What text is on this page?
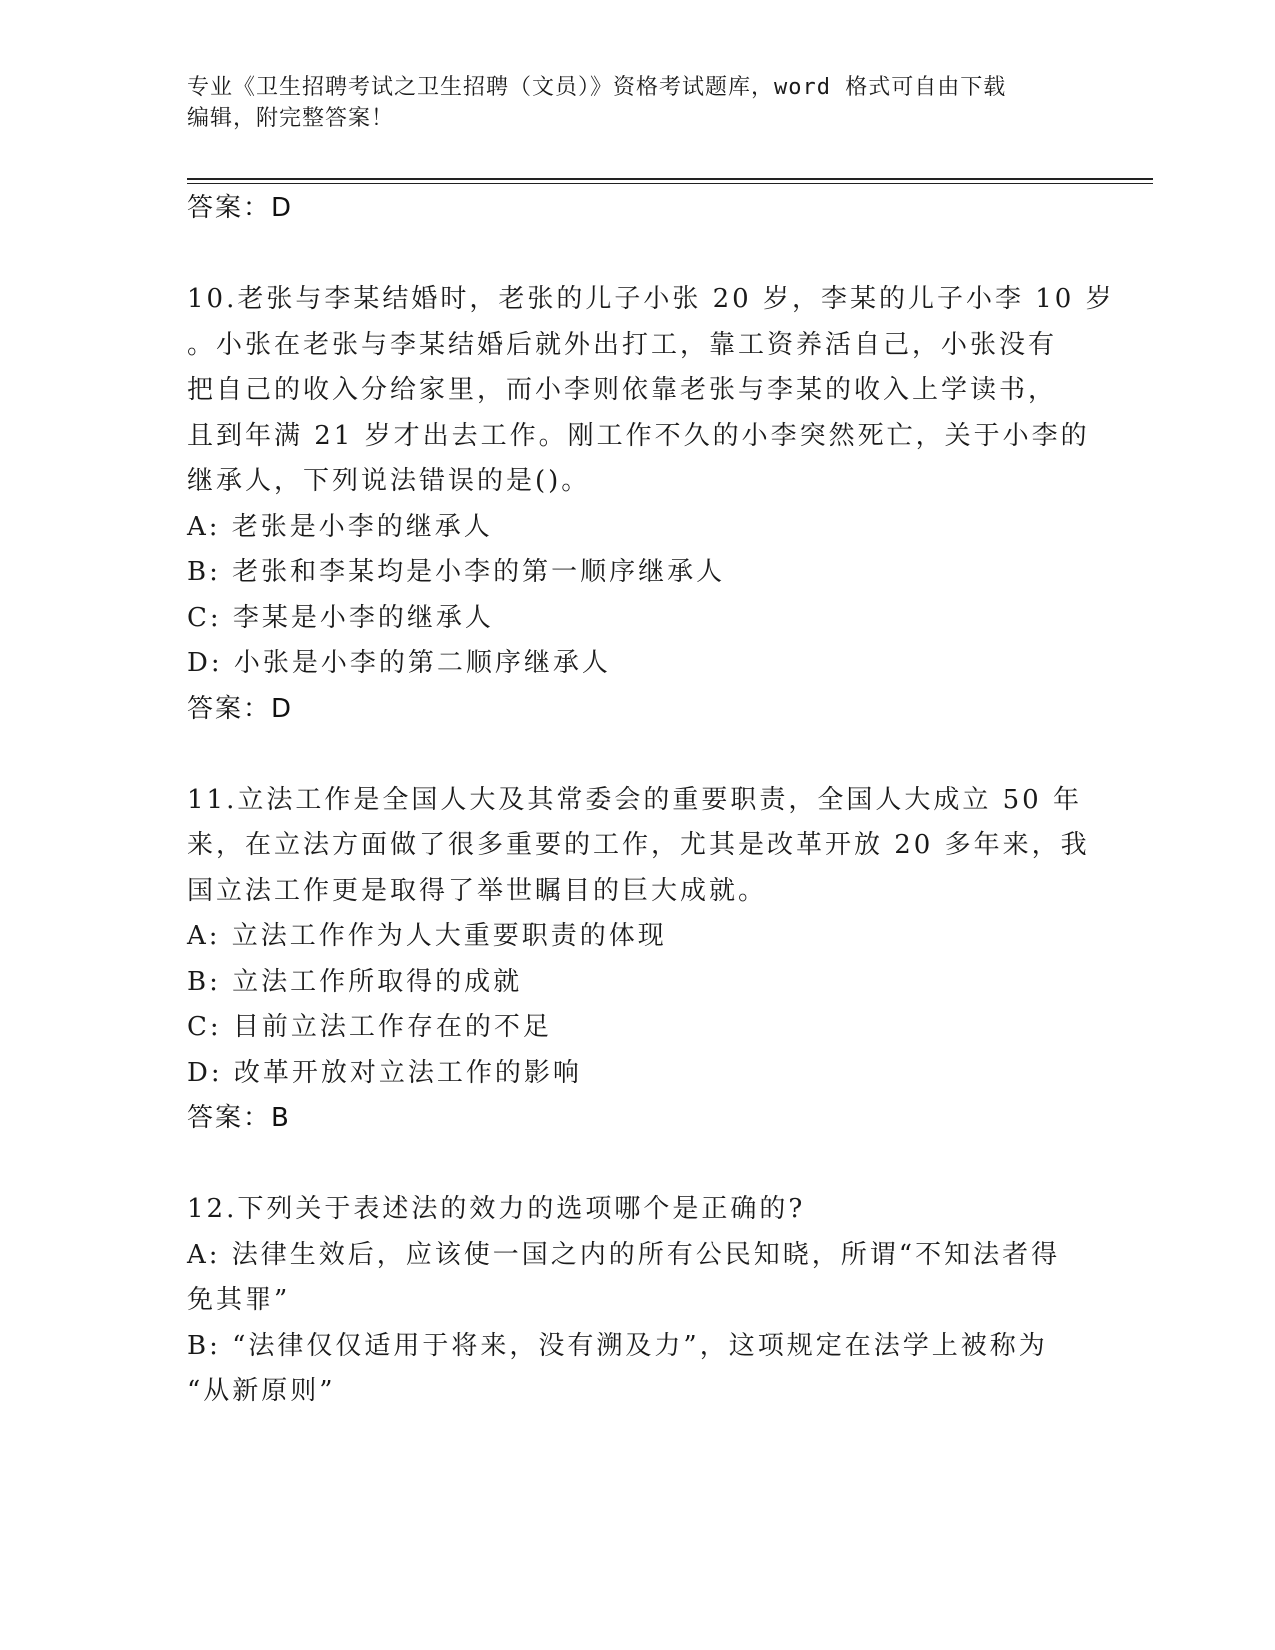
专业《卫生招聘考试之卫生招聘（文员）》资格考试题库，word 格式可自由下载
编辑，附完整答案！
答案：D
10.老张与李某结婚时，老张的儿子小张 20 岁，李某的儿子小李 10 岁
。小张在老张与李某结婚后就外出打工，靠工资养活自己，小张没有
把自己的收入分给家里，而小李则依靠老张与李某的收入上学读书，
且到年满 21 岁才出去工作。刚工作不久的小李突然死亡，关于小李的
继承人，下列说法错误的是()。
A: 老张是小李的继承人
B: 老张和李某均是小李的第一顺序继承人
C: 李某是小李的继承人
D: 小张是小李的第二顺序继承人
答案：D
11.立法工作是全国人大及其常委会的重要职责，全国人大成立 50 年
来，在立法方面做了很多重要的工作，尤其是改革开放 20 多年来，我
国立法工作更是取得了举世瞩目的巨大成就。
A: 立法工作作为人大重要职责的体现
B: 立法工作所取得的成就
C: 目前立法工作存在的不足
D: 改革开放对立法工作的影响
答案：B
12.下列关于表述法的效力的选项哪个是正确的?
A: 法律生效后，应该使一国之内的所有公民知晓，所谓“不知法者得
免其罪”
B: “法律仅仅适用于将来，没有溯及力”，这项规定在法学上被称为
“从新原则”
